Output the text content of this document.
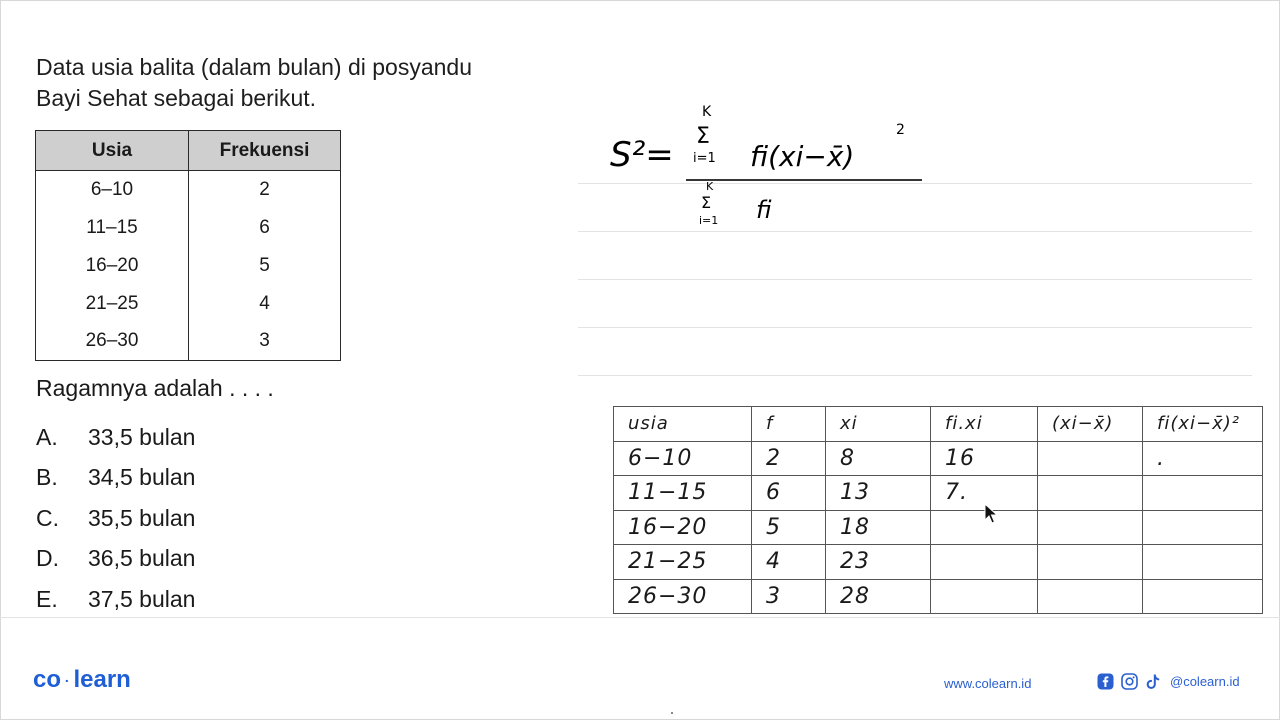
Data usia balita (dalam bulan) di posyandu
Bayi Sehat sebagai berikut.
Usia	Frekuensi
6–10	2
11–15	6
16–20	5
21–25	4
26–30	3
Ragamnya adalah . . . .
A.	33,5 bulan
B.	34,5 bulan
C.	35,5 bulan
D.	36,5 bulan
E.	37,5 bulan
S²=
K
Σ
i=1 fi(xi−x̄)
2
K
Σ
i=1 fi
usia	f	xi	fi.xi	(xi−x̄)	fi(xi−x̄)²
6−10	2	8	16		.
11−15	6	13	7.		
16−20	5	18			
21−25	4	23			
26−30	3	28			
co · learn	www.colearn.id	@colearn.id
